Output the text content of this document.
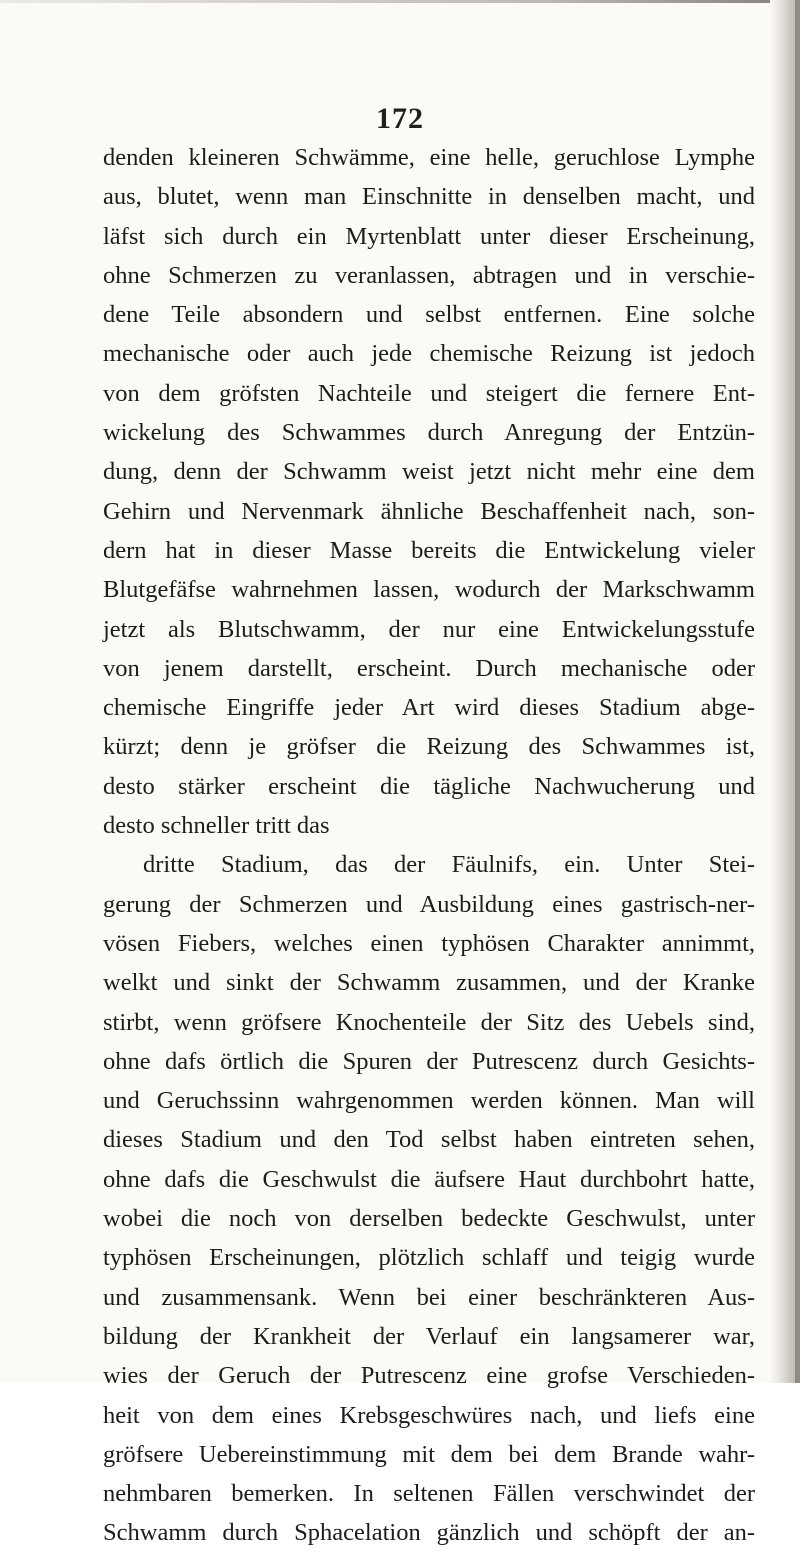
172
denden kleineren Schwämme, eine helle, geruchlose Lymphe
aus, blutet, wenn man Einschnitte in denselben macht, und
läfst sich durch ein Myrtenblatt unter dieser Erscheinung,
ohne Schmerzen zu veranlassen, abtragen und in verschie-
dene Teile absondern und selbst entfernen. Eine solche
mechanische oder auch jede chemische Reizung ist jedoch
von dem gröfsten Nachteile und steigert die fernere Ent-
wickelung des Schwammes durch Anregung der Entzün-
dung, denn der Schwamm weist jetzt nicht mehr eine dem
Gehirn und Nervenmark ähnliche Beschaffenheit nach, son-
dern hat in dieser Masse bereits die Entwickelung vieler
Blutgefäfse wahrnehmen lassen, wodurch der Markschwamm
jetzt als Blutschwamm, der nur eine Entwickelungsstufe
von jenem darstellt, erscheint. Durch mechanische oder
chemische Eingriffe jeder Art wird dieses Stadium abge-
kürzt; denn je gröfser die Reizung des Schwammes ist,
desto stärker erscheint die tägliche Nachwucherung und
desto schneller tritt das
dritte Stadium, das der Fäulnifs, ein. Unter Stei-
gerung der Schmerzen und Ausbildung eines gastrisch-ner-
vösen Fiebers, welches einen typhösen Charakter annimmt,
welkt und sinkt der Schwamm zusammen, und der Kranke
stirbt, wenn gröfsere Knochenteile der Sitz des Uebels sind,
ohne dafs örtlich die Spuren der Putrescenz durch Gesichts-
und Geruchssinn wahrgenommen werden können. Man will
dieses Stadium und den Tod selbst haben eintreten sehen,
ohne dafs die Geschwulst die äufsere Haut durchbohrt hatte,
wobei die noch von derselben bedeckte Geschwulst, unter
typhösen Erscheinungen, plötzlich schlaff und teigig wurde
und zusammensank. Wenn bei einer beschränkteren Aus-
bildung der Krankheit der Verlauf ein langsamerer war,
wies der Geruch der Putrescenz eine grofse Verschieden-
heit von dem eines Krebsgeschwüres nach, und liefs eine
gröfsere Uebereinstimmung mit dem bei dem Brande wahr-
nehmbaren bemerken. In seltenen Fällen verschwindet der
Schwamm durch Sphacelation gänzlich und schöpft der an-
